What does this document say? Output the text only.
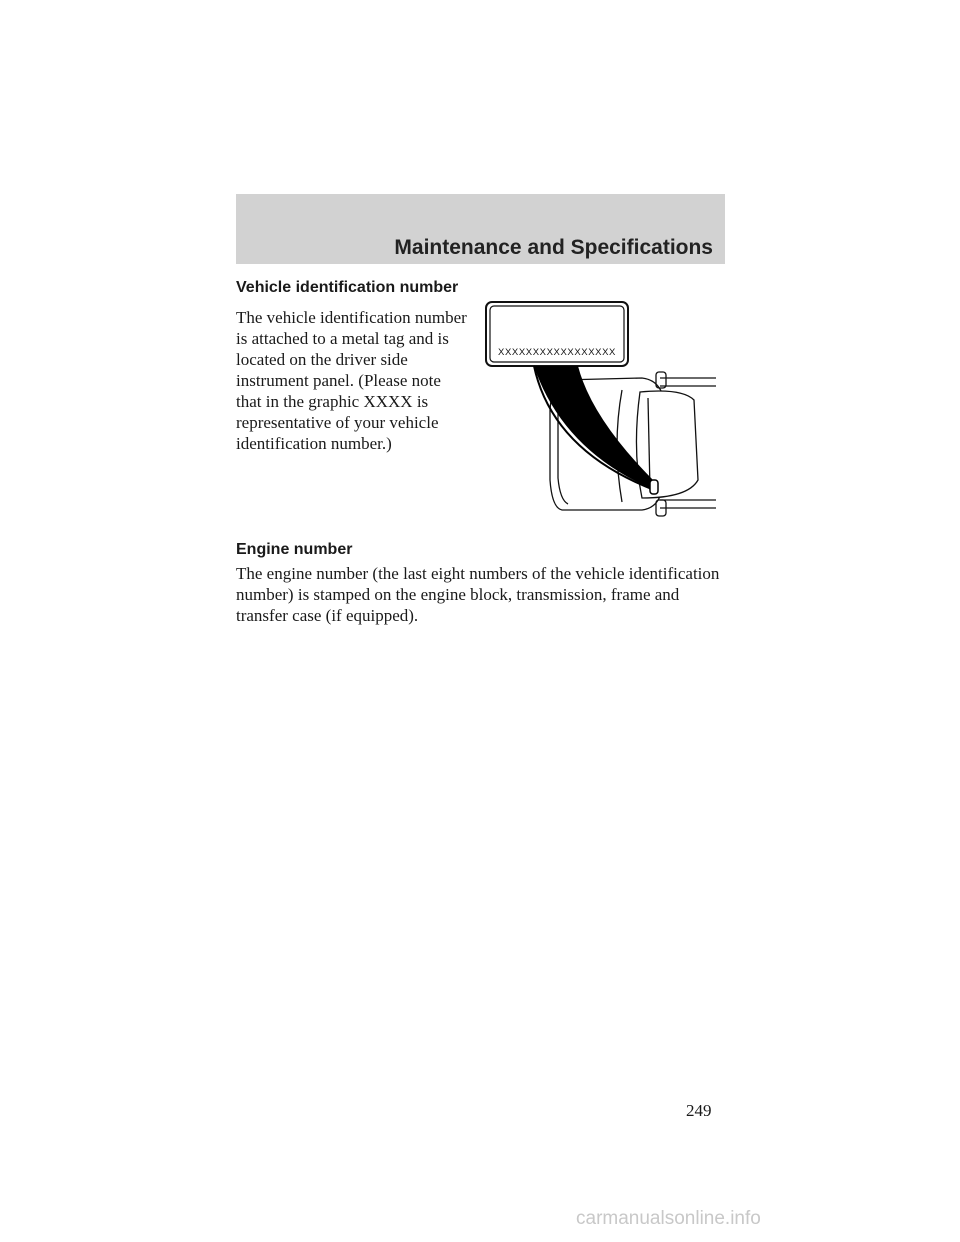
Maintenance and Specifications
Vehicle identification number

The vehicle identification number is attached to a metal tag and is located on the driver side instrument panel. (Please note that in the graphic XXXX is representative of your vehicle identification number.)

XXXXXXXXXXXXXXXXX
Engine number

The engine number (the last eight numbers of the vehicle identification number) is stamped on the engine block, transmission, frame and transfer case (if equipped).

249
carmanualsonline.info
